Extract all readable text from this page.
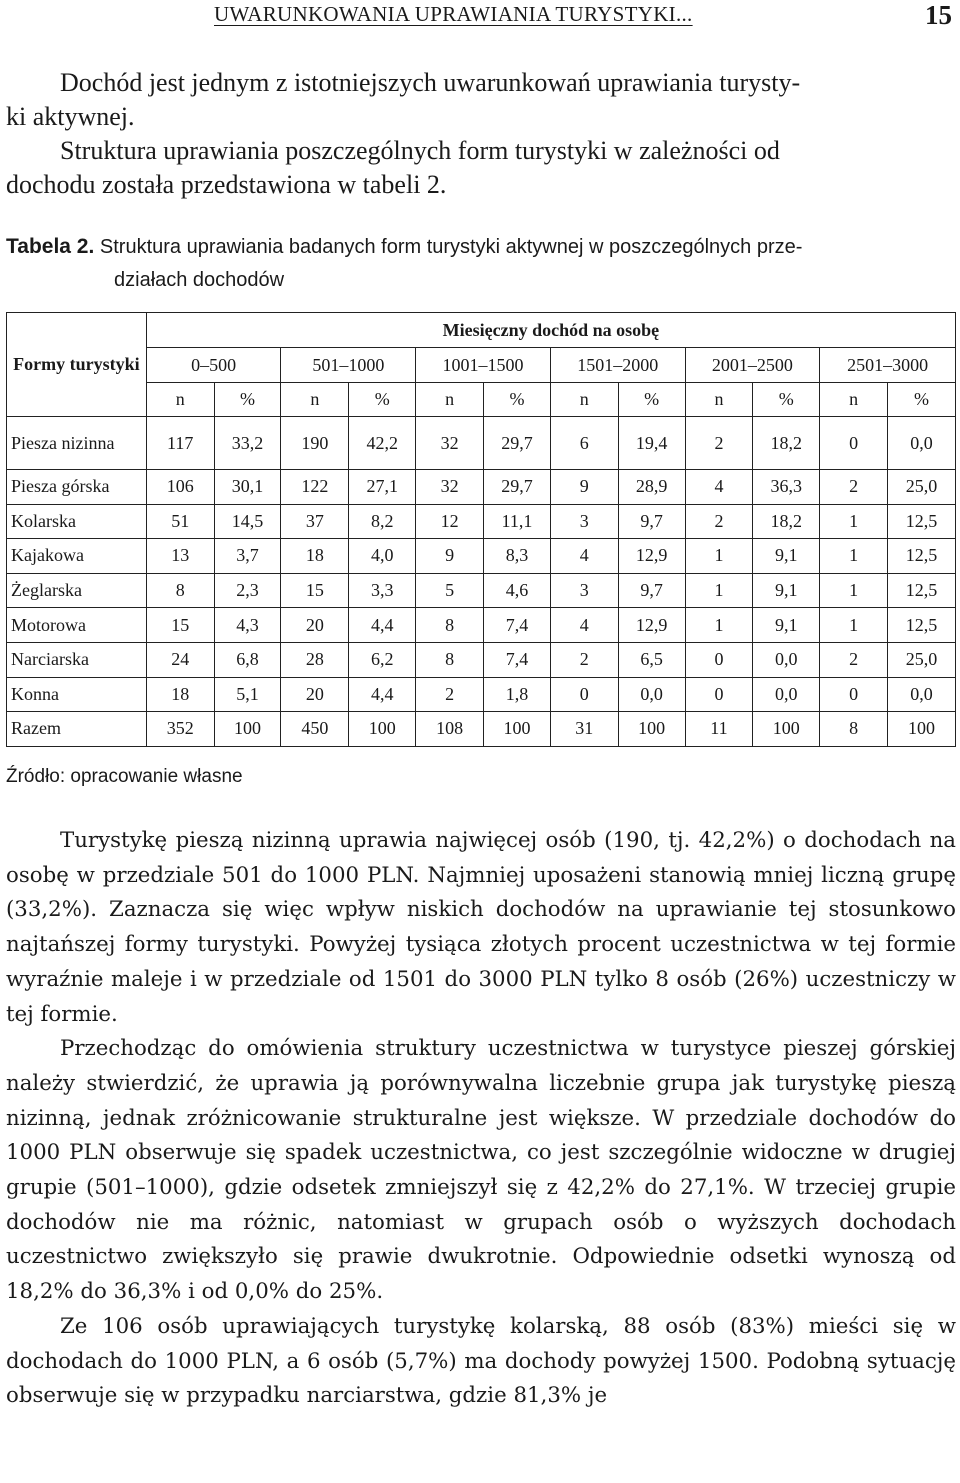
UWARUNKOWANIA UPRAWIANIA TURYSTYKI...	15
Dochód jest jednym z istotniejszych uwarunkowań uprawiania turysty-
ki aktywnej.
Struktura uprawiania poszczególnych form turystyki w zależności od
dochodu została przedstawiona w tabeli 2.
Tabela 2. Struktura uprawiania badanych form turystyki aktywnej w poszczególnych prze-
działach dochodów
Formy turystyki	Miesięczny dochód na osobę											
	0–500		501–1000		1001–1500		1501–2000		2001–2500		2501–3000	
	n	%	n	%	n	%	n	%	n	%	n	%
Piesza nizinna	117	33,2	190	42,2	32	29,7	6	19,4	2	18,2	0	0,0
Piesza górska	106	30,1	122	27,1	32	29,7	9	28,9	4	36,3	2	25,0
Kolarska	51	14,5	37	8,2	12	11,1	3	9,7	2	18,2	1	12,5
Kajakowa	13	3,7	18	4,0	9	8,3	4	12,9	1	9,1	1	12,5
Żeglarska	8	2,3	15	3,3	5	4,6	3	9,7	1	9,1	1	12,5
Motorowa	15	4,3	20	4,4	8	7,4	4	12,9	1	9,1	1	12,5
Narciarska	24	6,8	28	6,2	8	7,4	2	6,5	0	0,0	2	25,0
Konna	18	5,1	20	4,4	2	1,8	0	0,0	0	0,0	0	0,0
Razem	352	100	450	100	108	100	31	100	11	100	8	100
Źródło: opracowanie własne

Turystykę pieszą nizinną uprawia najwięcej osób (190, tj. 42,2%) o dochodach na osobę w przedziale 501 do 1000 PLN. Najmniej uposażeni stanowią mniej liczną grupę (33,2%). Zaznacza się więc wpływ niskich dochodów na uprawianie tej stosunkowo najtańszej formy turystyki. Powyżej tysiąca złotych procent uczestnictwa w tej formie wyraźnie maleje i w przedziale od 1501 do 3000 PLN tylko 8 osób (26%) uczestniczy w tej formie.

Przechodząc do omówienia struktury uczestnictwa w turystyce pieszej górskiej należy stwierdzić, że uprawia ją porównywalna liczebnie grupa jak turystykę pieszą nizinną, jednak zróżnicowanie strukturalne jest większe. W przedziale dochodów do 1000 PLN obserwuje się spadek uczestnictwa, co jest szczególnie widoczne w drugiej grupie (501–1000), gdzie odsetek zmniejszył się z 42,2% do 27,1%. W trzeciej grupie dochodów nie ma różnic, natomiast w grupach osób o wyższych dochodach uczestnictwo zwiększyło się prawie dwukrotnie. Odpowiednie odsetki wynoszą od 18,2% do 36,3% i od 0,0% do 25%.

Ze 106 osób uprawiających turystykę kolarską, 88 osób (83%) mieści się w dochodach do 1000 PLN, a 6 osób (5,7%) ma dochody powyżej 1500. Podobną sytuację obserwuje się w przypadku narciarstwa, gdzie 81,3% je
